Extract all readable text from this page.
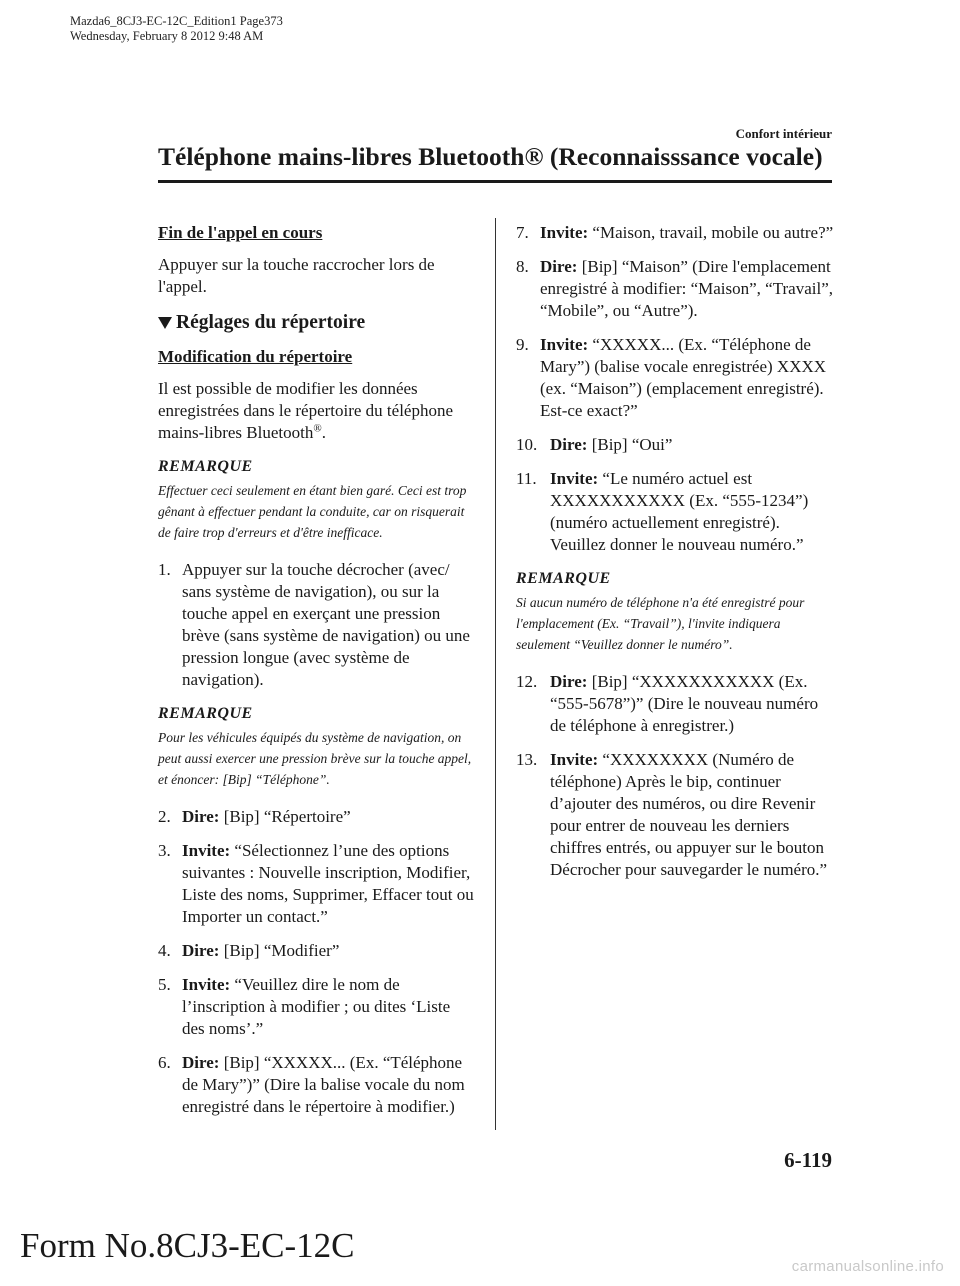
Mazda6_8CJ3-EC-12C_Edition1 Page373
Wednesday, February 8 2012 9:48 AM
Confort intérieur
Téléphone mains-libres Bluetooth® (Reconnaisssance vocale)
Fin de l'appel en cours
Appuyer sur la touche raccrocher lors de l'appel.
Réglages du répertoire
Modification du répertoire
Il est possible de modifier les données enregistrées dans le répertoire du téléphone mains-libres Bluetooth®.
REMARQUE
Effectuer ceci seulement en étant bien garé. Ceci est trop gênant à effectuer pendant la conduite, car on risquerait de faire trop d'erreurs et d'être inefficace.
1. Appuyer sur la touche décrocher (avec/ sans système de navigation), ou sur la touche appel en exerçant une pression brève (sans système de navigation) ou une pression longue (avec système de navigation).
REMARQUE
Pour les véhicules équipés du système de navigation, on peut aussi exercer une pression brève sur la touche appel, et énoncer: [Bip] “Téléphone”.
2. Dire: [Bip] “Répertoire”
3. Invite: “Sélectionnez l’une des options suivantes : Nouvelle inscription, Modifier, Liste des noms, Supprimer, Effacer tout ou Importer un contact.”
4. Dire: [Bip] “Modifier”
5. Invite: “Veuillez dire le nom de l’inscription à modifier ; ou dites ‘Liste des noms’.”
6. Dire: [Bip] “XXXXX... (Ex. “Téléphone de Mary”)” (Dire la balise vocale du nom enregistré dans le répertoire à modifier.)
7. Invite: “Maison, travail, mobile ou autre?”
8. Dire: [Bip] “Maison” (Dire l'emplacement enregistré à modifier: “Maison”, “Travail”, “Mobile”, ou “Autre”).
9. Invite: “XXXXX... (Ex. “Téléphone de Mary”) (balise vocale enregistrée) XXXX (ex. “Maison”) (emplacement enregistré). Est-ce exact?”
10. Dire: [Bip] “Oui”
11. Invite: “Le numéro actuel est XXXXXXXXXXX (Ex. “555-1234”) (numéro actuellement enregistré). Veuillez donner le nouveau numéro.”
REMARQUE
Si aucun numéro de téléphone n'a été enregistré pour l'emplacement (Ex. “Travail”), l'invite indiquera seulement “Veuillez donner le numéro”.
12. Dire: [Bip] “XXXXXXXXXXX (Ex. “555-5678”)” (Dire le nouveau numéro de téléphone à enregistrer.)
13. Invite: “XXXXXXXX (Numéro de téléphone) Après le bip, continuer d’ajouter des numéros, ou dire Revenir pour entrer de nouveau les derniers chiffres entrés, ou appuyer sur le bouton Décrocher pour sauvegarder le numéro.”
6-119
Form No.8CJ3-EC-12C
carmanualsonline.info
